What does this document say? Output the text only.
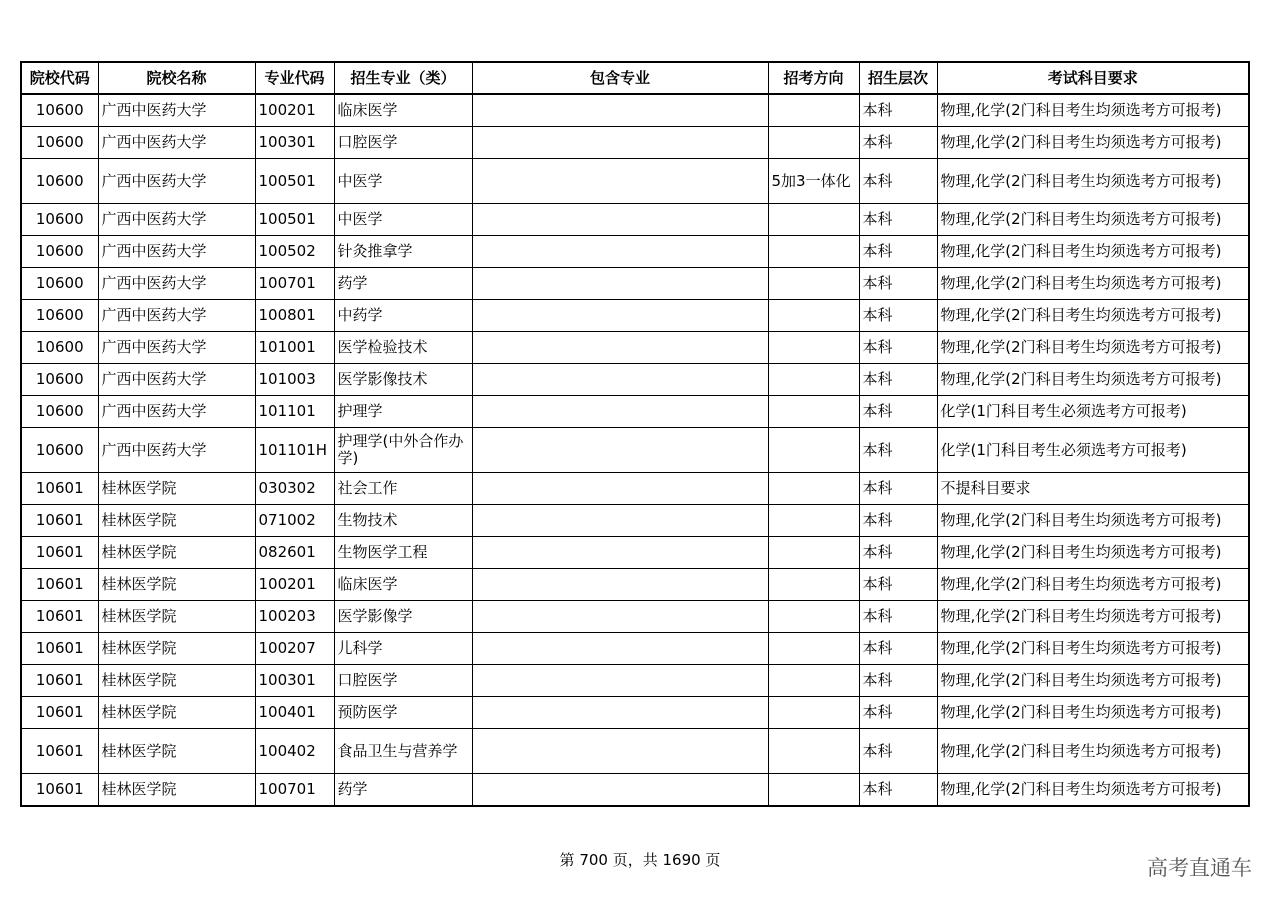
院校代码	院校名称	专业代码	招生专业（类）	包含专业	招考方向	招生层次	考试科目要求
10600	广西中医药大学	100201	临床医学			本科	物理,化学(2门科目考生均须选考方可报考)
10600	广西中医药大学	100301	口腔医学			本科	物理,化学(2门科目考生均须选考方可报考)
10600	广西中医药大学	100501	中医学		5加3一体化	本科	物理,化学(2门科目考生均须选考方可报考)
10600	广西中医药大学	100501	中医学			本科	物理,化学(2门科目考生均须选考方可报考)
10600	广西中医药大学	100502	针灸推拿学			本科	物理,化学(2门科目考生均须选考方可报考)
10600	广西中医药大学	100701	药学			本科	物理,化学(2门科目考生均须选考方可报考)
10600	广西中医药大学	100801	中药学			本科	物理,化学(2门科目考生均须选考方可报考)
10600	广西中医药大学	101001	医学检验技术			本科	物理,化学(2门科目考生均须选考方可报考)
10600	广西中医药大学	101003	医学影像技术			本科	物理,化学(2门科目考生均须选考方可报考)
10600	广西中医药大学	101101	护理学			本科	化学(1门科目考生必须选考方可报考)
10600	广西中医药大学	101101H	护理学(中外合作办学)			本科	化学(1门科目考生必须选考方可报考)
10601	桂林医学院	030302	社会工作			本科	不提科目要求
10601	桂林医学院	071002	生物技术			本科	物理,化学(2门科目考生均须选考方可报考)
10601	桂林医学院	082601	生物医学工程			本科	物理,化学(2门科目考生均须选考方可报考)
10601	桂林医学院	100201	临床医学			本科	物理,化学(2门科目考生均须选考方可报考)
10601	桂林医学院	100203	医学影像学			本科	物理,化学(2门科目考生均须选考方可报考)
10601	桂林医学院	100207	儿科学			本科	物理,化学(2门科目考生均须选考方可报考)
10601	桂林医学院	100301	口腔医学			本科	物理,化学(2门科目考生均须选考方可报考)
10601	桂林医学院	100401	预防医学			本科	物理,化学(2门科目考生均须选考方可报考)
10601	桂林医学院	100402	食品卫生与营养学			本科	物理,化学(2门科目考生均须选考方可报考)
10601	桂林医学院	100701	药学			本科	物理,化学(2门科目考生均须选考方可报考)
第 700 页，共 1690 页	高考直通车
